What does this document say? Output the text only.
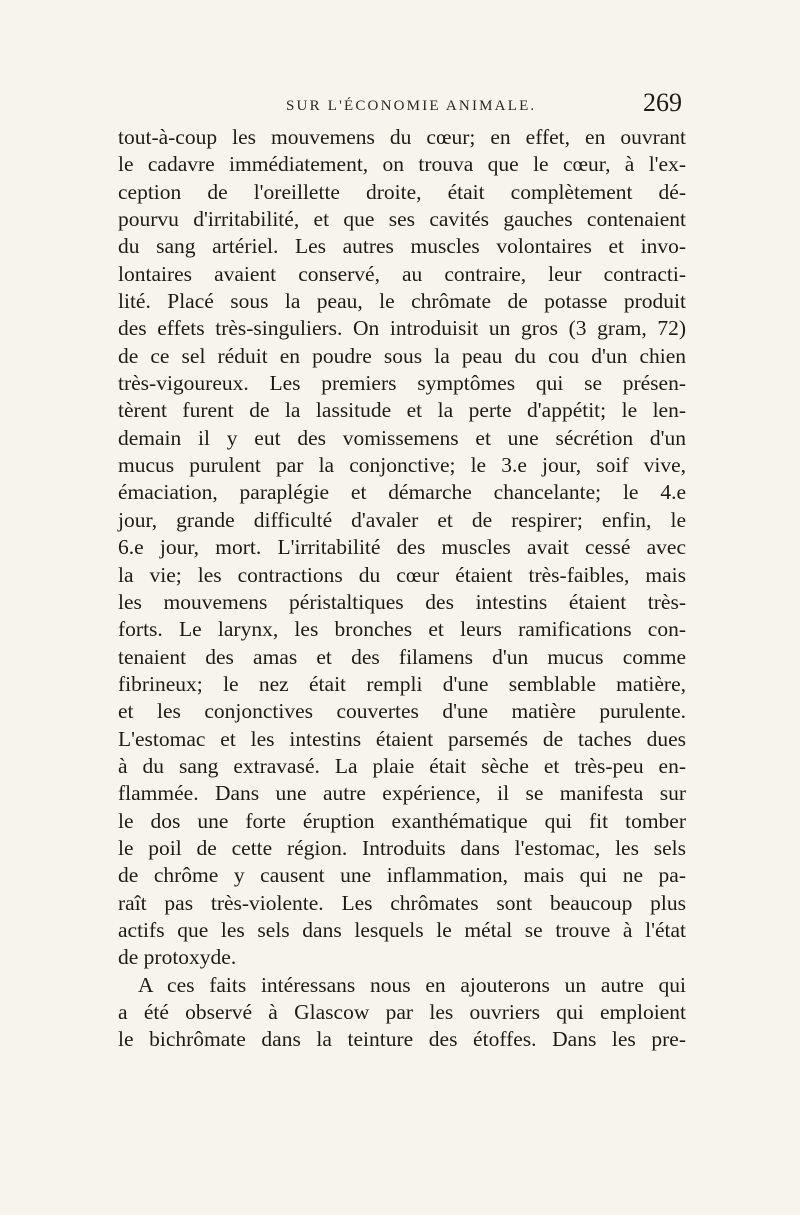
SUR L'ÉCONOMIE ANIMALE.	269
tout-à-coup les mouvemens du cœur; en effet, en ouvrant
le cadavre immédiatement, on trouva que le cœur, à l'ex-
ception de l'oreillette droite, était complètement dé-
pourvu d'irritabilité, et que ses cavités gauches contenaient
du sang artériel. Les autres muscles volontaires et invo-
lontaires avaient conservé, au contraire, leur contracti-
lité. Placé sous la peau, le chrômate de potasse produit
des effets très-singuliers. On introduisit un gros (3 gram, 72)
de ce sel réduit en poudre sous la peau du cou d'un chien
très-vigoureux. Les premiers symptômes qui se présen-
tèrent furent de la lassitude et la perte d'appétit; le len-
demain il y eut des vomissemens et une sécrétion d'un
mucus purulent par la conjonctive; le 3.e jour, soif vive,
émaciation, paraplégie et démarche chancelante; le 4.e
jour, grande difficulté d'avaler et de respirer; enfin, le
6.e jour, mort. L'irritabilité des muscles avait cessé avec
la vie; les contractions du cœur étaient très-faibles, mais
les mouvemens péristaltiques des intestins étaient très-
forts. Le larynx, les bronches et leurs ramifications con-
tenaient des amas et des filamens d'un mucus comme
fibrineux; le nez était rempli d'une semblable matière,
et les conjonctives couvertes d'une matière purulente.
L'estomac et les intestins étaient parsemés de taches dues
à du sang extravasé. La plaie était sèche et très-peu en-
flammée. Dans une autre expérience, il se manifesta sur
le dos une forte éruption exanthématique qui fit tomber
le poil de cette région. Introduits dans l'estomac, les sels
de chrôme y causent une inflammation, mais qui ne pa-
raît pas très-violente. Les chrômates sont beaucoup plus
actifs que les sels dans lesquels le métal se trouve à l'état
de protoxyde.
A ces faits intéressans nous en ajouterons un autre qui
a été observé à Glascow par les ouvriers qui emploient
le bichrômate dans la teinture des étoffes. Dans les pre-
